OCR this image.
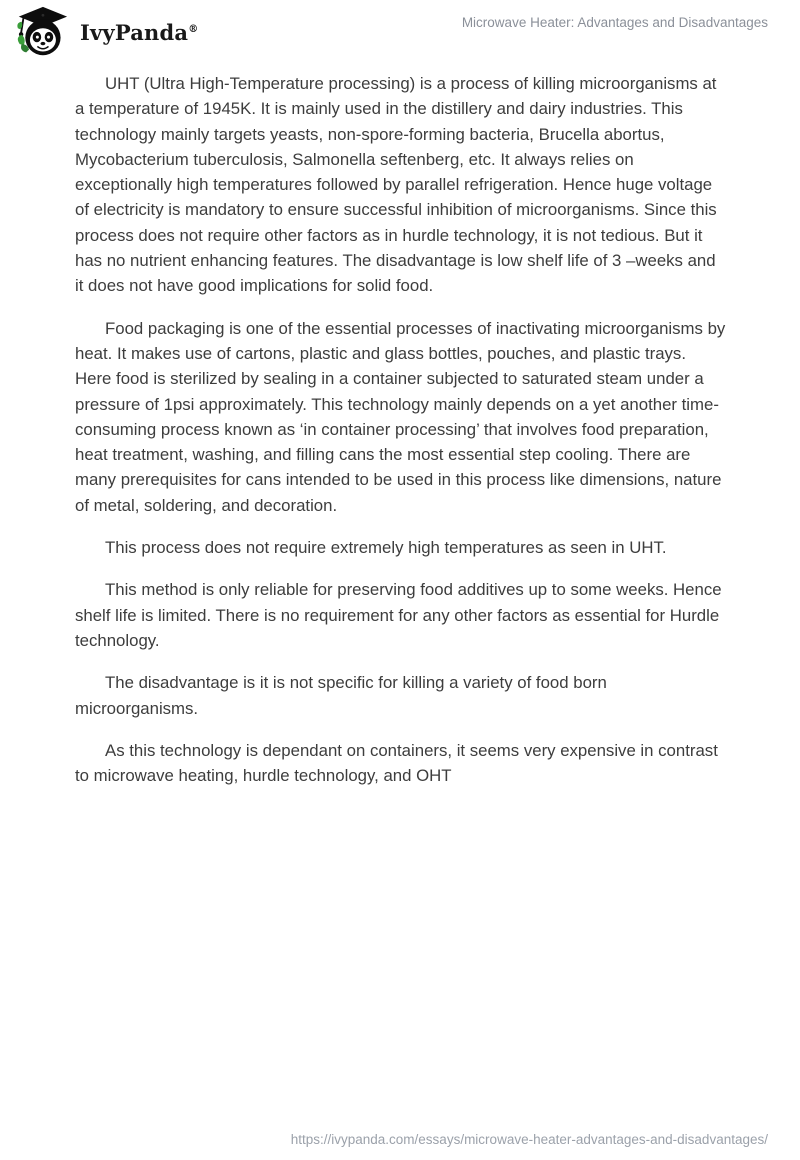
IvyPanda®	Microwave Heater: Advantages and Disadvantages

UHT (Ultra High-Temperature processing) is a process of killing microorganisms at a temperature of 1945K. It is mainly used in the distillery and dairy industries. This technology mainly targets yeasts, non-spore-forming bacteria, Brucella abortus, Mycobacterium tuberculosis, Salmonella seftenberg, etc. It always relies on exceptionally high temperatures followed by parallel refrigeration. Hence huge voltage of electricity is mandatory to ensure successful inhibition of microorganisms. Since this process does not require other factors as in hurdle technology, it is not tedious. But it has no nutrient enhancing features. The disadvantage is low shelf life of 3 –weeks and it does not have good implications for solid food.

Food packaging is one of the essential processes of inactivating microorganisms by heat. It makes use of cartons, plastic and glass bottles, pouches, and plastic trays. Here food is sterilized by sealing in a container subjected to saturated steam under a pressure of 1psi approximately. This technology mainly depends on a yet another time-consuming process known as ‘in container processing’ that involves food preparation, heat treatment, washing, and filling cans the most essential step cooling. There are many prerequisites for cans intended to be used in this process like dimensions, nature of metal, soldering, and decoration.

This process does not require extremely high temperatures as seen in UHT.

This method is only reliable for preserving food additives up to some weeks. Hence shelf life is limited. There is no requirement for any other factors as essential for Hurdle technology.

The disadvantage is it is not specific for killing a variety of food born microorganisms.

As this technology is dependant on containers, it seems very expensive in contrast to microwave heating, hurdle technology, and OHT

https://ivypanda.com/essays/microwave-heater-advantages-and-disadvantages/
